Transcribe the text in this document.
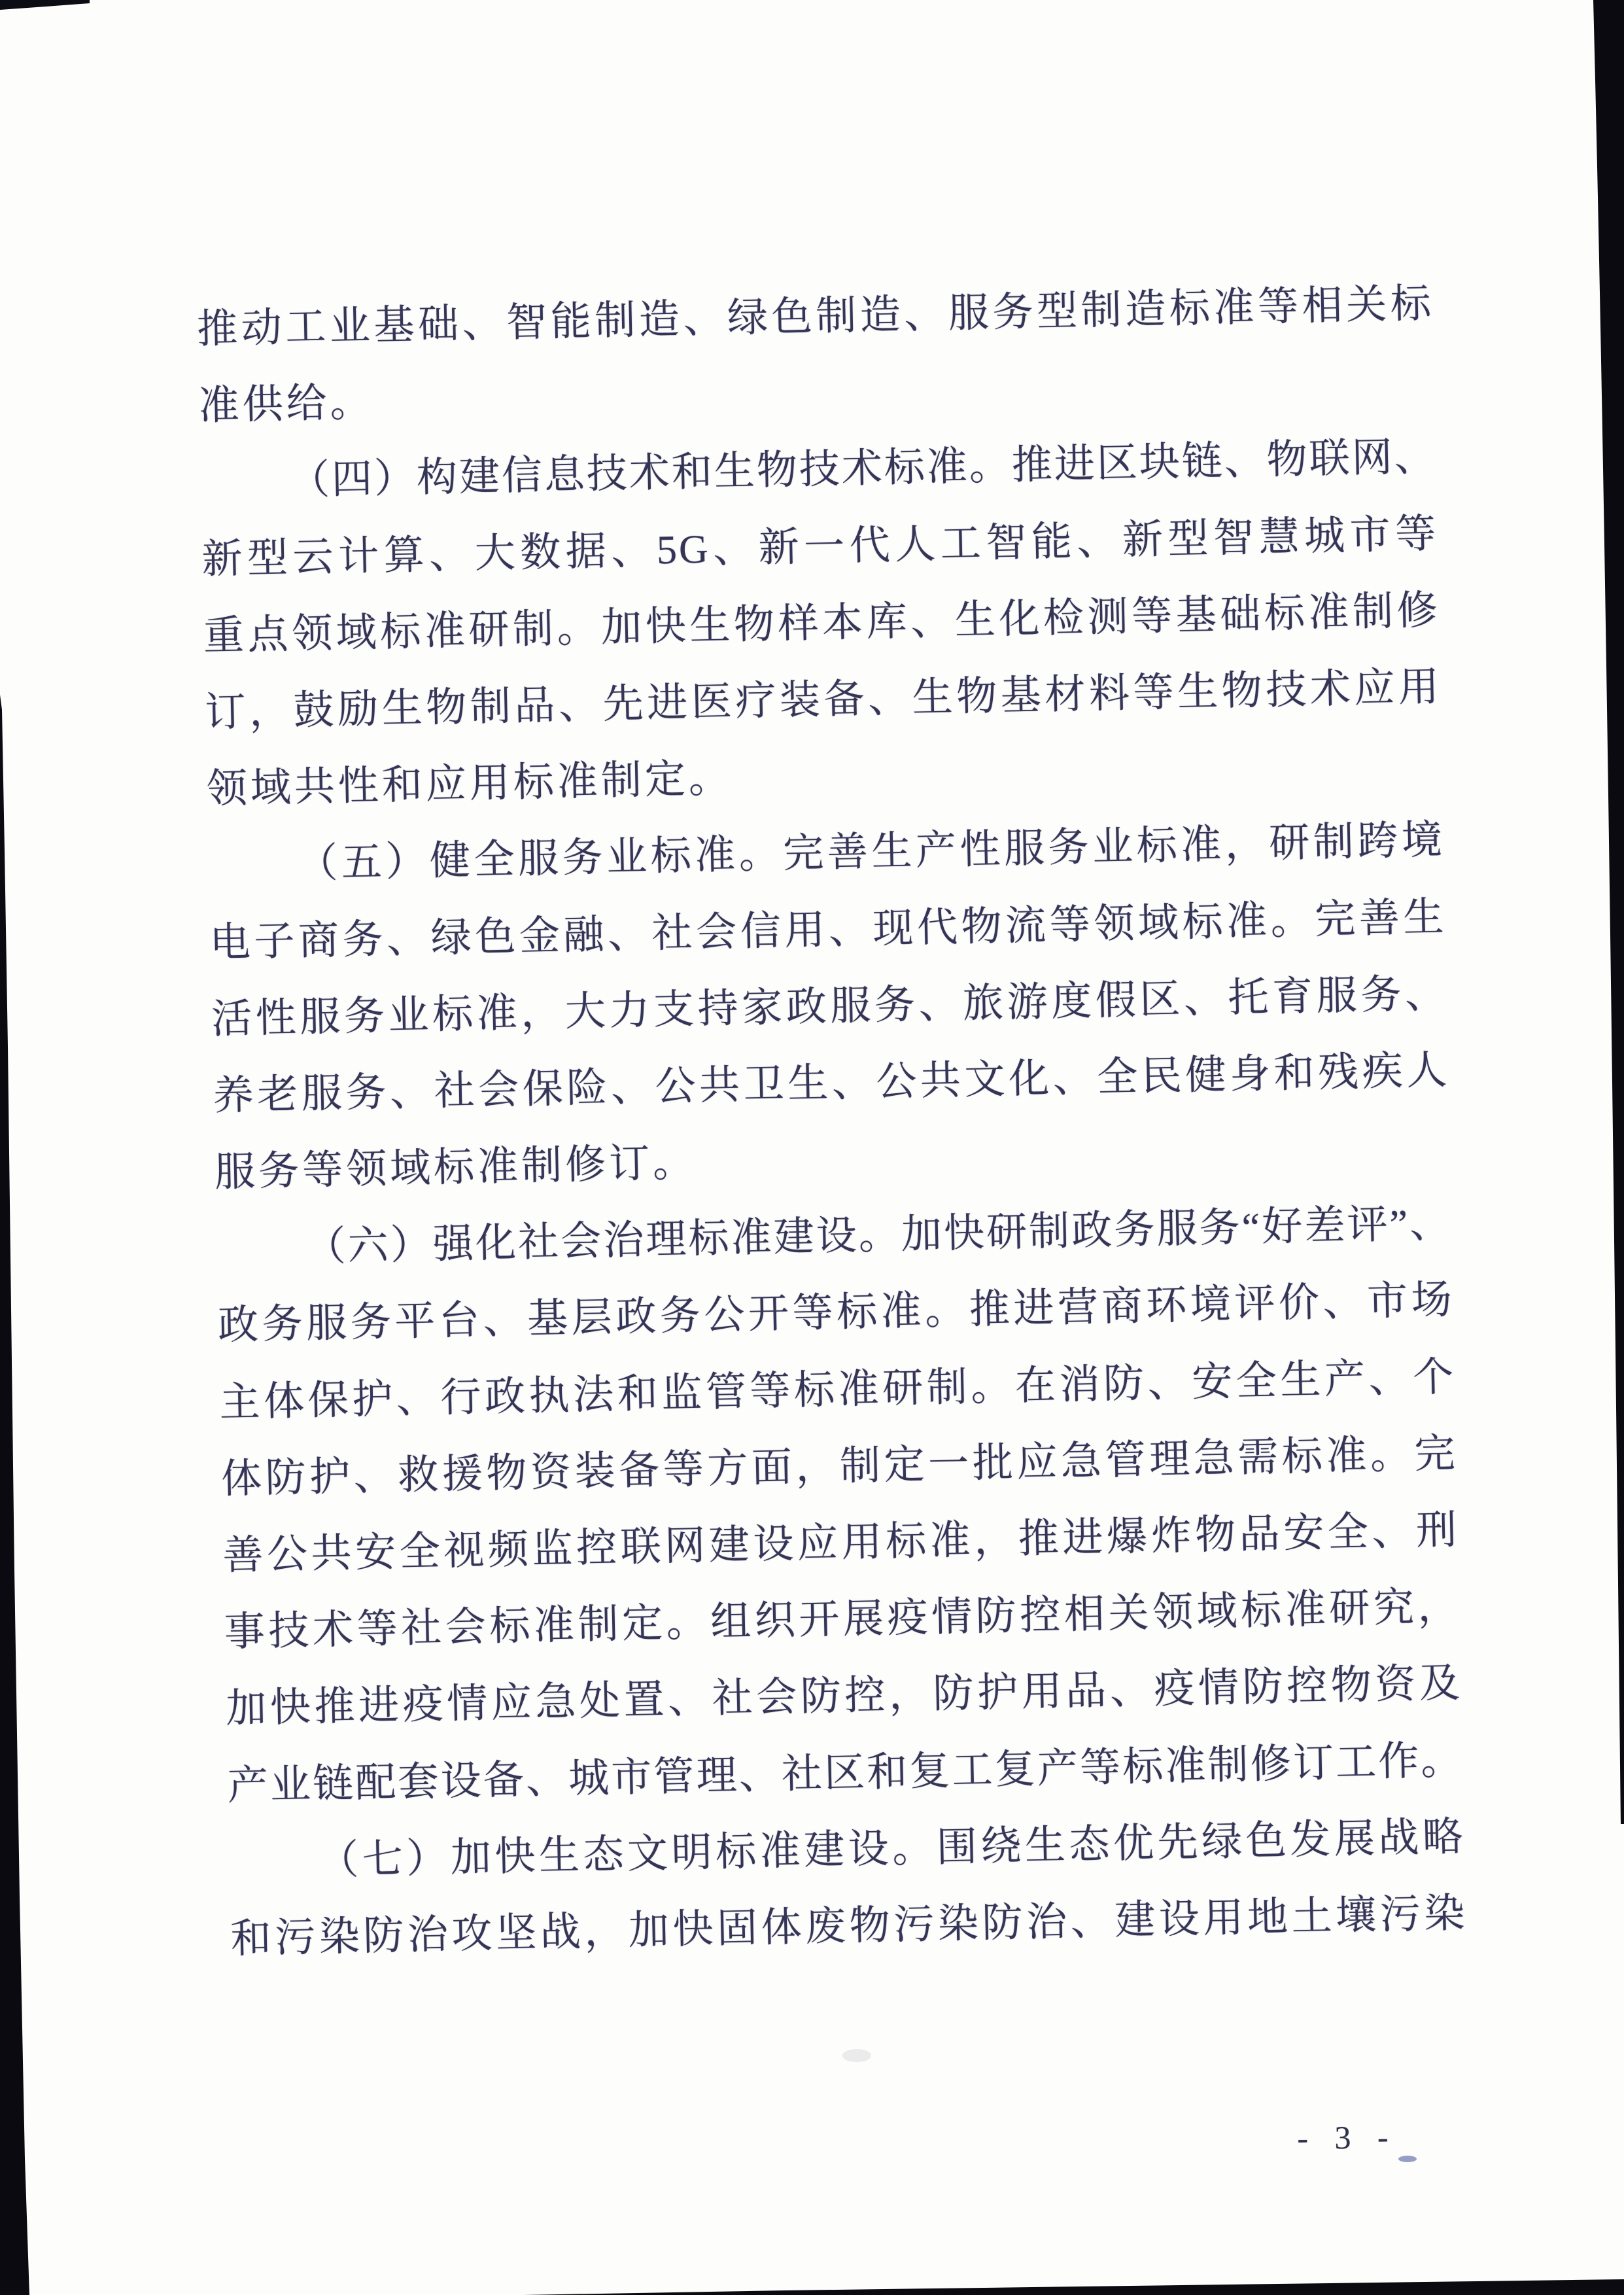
推动工业基础、智能制造、绿色制造、服务型制造标准等相关标
准供给。
（四）构建信息技术和生物技术标准。推进区块链、物联网、
新型云计算、大数据、5G、新一代人工智能、新型智慧城市等
重点领域标准研制。加快生物样本库、生化检测等基础标准制修
订，鼓励生物制品、先进医疗装备、生物基材料等生物技术应用
领域共性和应用标准制定。
（五）健全服务业标准。完善生产性服务业标准，研制跨境
电子商务、绿色金融、社会信用、现代物流等领域标准。完善生
活性服务业标准，大力支持家政服务、旅游度假区、托育服务、
养老服务、社会保险、公共卫生、公共文化、全民健身和残疾人
服务等领域标准制修订。
（六）强化社会治理标准建设。加快研制政务服务“好差评”、
政务服务平台、基层政务公开等标准。推进营商环境评价、市场
主体保护、行政执法和监管等标准研制。在消防、安全生产、个
体防护、救援物资装备等方面，制定一批应急管理急需标准。完
善公共安全视频监控联网建设应用标准，推进爆炸物品安全、刑
事技术等社会标准制定。组织开展疫情防控相关领域标准研究，
加快推进疫情应急处置、社会防控，防护用品、疫情防控物资及
产业链配套设备、城市管理、社区和复工复产等标准制修订工作。
（七）加快生态文明标准建设。围绕生态优先绿色发展战略
和污染防治攻坚战，加快固体废物污染防治、建设用地土壤污染
- 3 -
